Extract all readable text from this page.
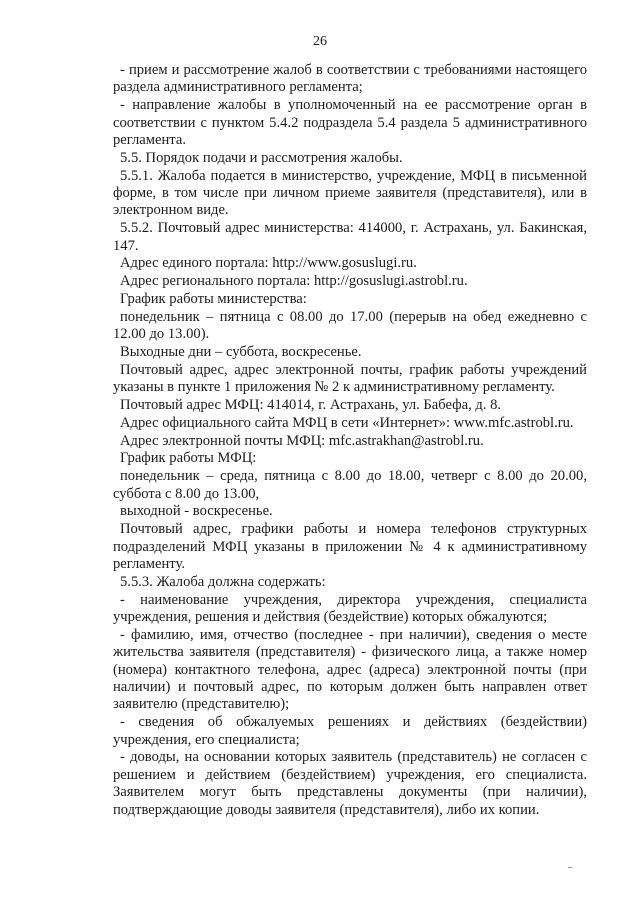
26

- прием и рассмотрение жалоб в соответствии с требованиями настоящего раздела административного регламента;

- направление жалобы в уполномоченный на ее рассмотрение орган в соответствии с пунктом 5.4.2 подраздела 5.4 раздела 5 административного регламента.

5.5. Порядок подачи и рассмотрения жалобы.

5.5.1. Жалоба подается в министерство, учреждение, МФЦ в письменной форме, в том числе при личном приеме заявителя (представителя), или в электронном виде.

5.5.2. Почтовый адрес министерства: 414000, г. Астрахань, ул. Бакинская, 147.

Адрес единого портала: http://www.gosuslugi.ru.

Адрес регионального портала: http://gosuslugi.astrobl.ru.

График работы министерства:

понедельник – пятница с 08.00 до 17.00 (перерыв на обед ежедневно с 12.00 до 13.00).

Выходные дни – суббота, воскресенье.

Почтовый адрес, адрес электронной почты, график работы учреждений указаны в пункте 1 приложения № 2 к административному регламенту.

Почтовый адрес МФЦ: 414014, г. Астрахань, ул. Бабефа, д. 8.

Адрес официального сайта МФЦ в сети «Интернет»: www.mfc.astrobl.ru.

Адрес электронной почты МФЦ: mfc.astrakhan@astrobl.ru.

График работы МФЦ:

понедельник – среда, пятница с 8.00 до 18.00, четверг с 8.00 до 20.00, суббота с 8.00 до 13.00,

выходной - воскресенье.

Почтовый адрес, графики работы и номера телефонов структурных подразделений МФЦ указаны в приложении № 4 к административному регламенту.

5.5.3. Жалоба должна содержать:

- наименование учреждения, директора учреждения, специалиста учреждения, решения и действия (бездействие) которых обжалуются;

- фамилию, имя, отчество (последнее - при наличии), сведения о месте жительства заявителя (представителя) - физического лица, а также номер (номера) контактного телефона, адрес (адреса) электронной почты (при наличии) и почтовый адрес, по которым должен быть направлен ответ заявителю (представителю);

- сведения об обжалуемых решениях и действиях (бездействии) учреждения, его специалиста;

- доводы, на основании которых заявитель (представитель) не согласен с решением и действием (бездействием) учреждения, его специалиста. Заявителем могут быть представлены документы (при наличии), подтверждающие доводы заявителя (представителя), либо их копии.
